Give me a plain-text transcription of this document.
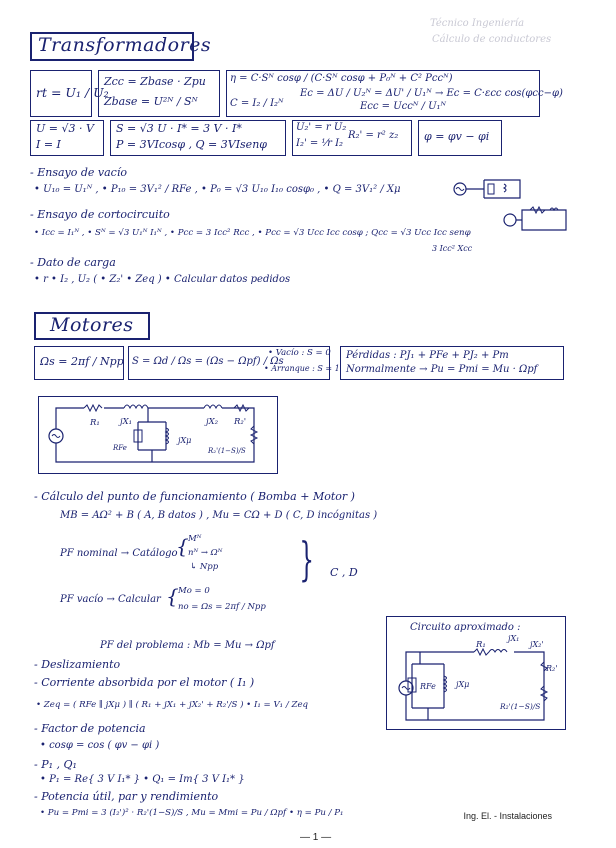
Técnico Ingeniería
Cálculo de conductores
Transformadores
rt = U₁ / U₂
Zcc = Zbase · Zpu
Zbase = U²ᴺ / Sᴺ
η = C·Sᴺ cosφ / (C·Sᴺ cosφ + P₀ᴺ + C² Pccᴺ)
C = I₂ / I₂ᴺ
Ec = ΔU / U₂ᴺ = ΔU' / U₁ᴺ → Ec = C·εcc cos(φcc−φ)
Ecc = Uccᴺ / U₁ᴺ
U = √3 · V
I = I
S = √3 U · I* = 3 V · I*
P = 3VIcosφ , Q = 3VIsenφ
U₂' = r U₂
I₂' = ⅟r I₂
R₂' = r² z₂ φ = φv − φi
- Ensayo de vacío
• U₁₀ = U₁ᴺ , • P₁₀ = 3V₁² / RFe , • P₀ = √3 U₁₀ I₁₀ cosφ₀ , • Q = 3V₁² / Xμ
- Ensayo de cortocircuito
• Icc = I₁ᴺ , • Sᴺ = √3 U₁ᴺ I₁ᴺ , • Pcc = 3 Icc² Rcc , • Pcc = √3 Ucc Icc cosφ ; Qcc = √3 Ucc Icc senφ
3 Icc² Xcc
- Dato de carga
• r • I₂ , U₂ ( • Z₂' • Zeq ) • Calcular datos pedidos
Motores
Ωs = 2πf / Npp S = Ωd / Ωs = (Ωs − Ωpf) / Ωs
• Vacío : S = 0
• Arranque : S = 1
Pérdidas : PJ₁ + PFe + PJ₂ + Pm
Normalmente → Pu = Pmi = Mu · Ωpf
R₁ jX₁	jX₂ R₂'
RFe
jXμ
R₂'(1−S)/S
- Cálculo del punto de funcionamiento ( Bomba + Motor )
MB = AΩ² + B ( A, B datos ) , Mu = CΩ + D ( C, D incógnitas )
PF nominal → Catálogo
{ Mᴺ
nᴺ → Ωᴺ
↳ Npp
PF vacío → Calcular { Mo = 0
no = Ωs = 2πf / Npp
} C , D
PF del problema : Mb = Mu → Ωpf
Circuito aproximado :
R₁
jX₁
jX₂'
R₂'
RFe	jXμ
R₂'(1−S)/S
- Deslizamiento
- Corriente absorbida por el motor ( I₁ )
• Zeq = ( RFe ∥ jXμ ) ∥ ( R₁ + jX₁ + jX₂' + R₂'/S ) • I₁ = V₁ / Zeq
- Factor de potencia
• cosφ = cos ( φv − φi )
- P₁ , Q₁
• P₁ = Re{ 3 V I₁* } • Q₁ = Im{ 3 V I₁* }
- Potencia útil, par y rendimiento
• Pu = Pmi = 3 (I₂')² · R₂'(1−S)/S , Mu = Mmi = Pu / Ωpf • η = Pu / P₁	Ing. El. - Instalaciones
— 1 —
